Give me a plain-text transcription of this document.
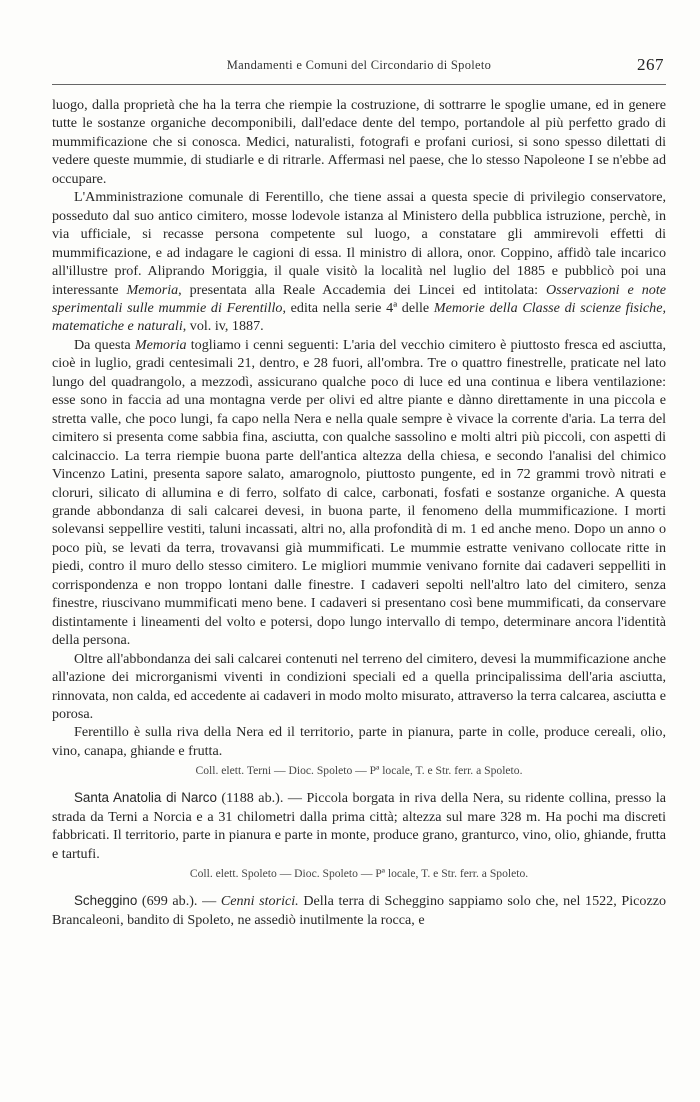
Mandamenti e Comuni del Circondario di Spoleto	267

luogo, dalla proprietà che ha la terra che riempie la costruzione, di sottrarre le spoglie umane, ed in genere tutte le sostanze organiche decomponibili, dall'edace dente del tempo, portandole al più perfetto grado di mummificazione che si conosca. Medici, naturalisti, fotografi e profani curiosi, si sono spesso dilettati di vedere queste mummie, di studiarle e di ritrarle. Affermasi nel paese, che lo stesso Napoleone I se n'ebbe ad occupare.

L'Amministrazione comunale di Ferentillo, che tiene assai a questa specie di privilegio conservatore, posseduto dal suo antico cimitero, mosse lodevole istanza al Ministero della pubblica istruzione, perchè, in via ufficiale, si recasse persona competente sul luogo, a constatare gli ammirevoli effetti di mummificazione, e ad indagare le cagioni di essa. Il ministro di allora, onor. Coppino, affidò tale incarico all'illustre prof. Aliprando Moriggia, il quale visitò la località nel luglio del 1885 e pubblicò poi una interessante Memoria, presentata alla Reale Accademia dei Lincei ed intitolata: Osservazioni e note sperimentali sulle mummie di Ferentillo, edita nella serie 4ª delle Memorie della Classe di scienze fisiche, matematiche e naturali, vol. iv, 1887.

Da questa Memoria togliamo i cenni seguenti: L'aria del vecchio cimitero è piuttosto fresca ed asciutta, cioè in luglio, gradi centesimali 21, dentro, e 28 fuori, all'ombra. Tre o quattro finestrelle, praticate nel lato lungo del quadrangolo, a mezzodì, assicurano qualche poco di luce ed una continua e libera ventilazione: esse sono in faccia ad una montagna verde per olivi ed altre piante e dànno direttamente in una piccola e stretta valle, che poco lungi, fa capo nella Nera e nella quale sempre è vivace la corrente d'aria. La terra del cimitero si presenta come sabbia fina, asciutta, con qualche sassolino e molti altri più piccoli, con aspetti di calcinaccio. La terra riempie buona parte dell'antica altezza della chiesa, e secondo l'analisi del chimico Vincenzo Latini, presenta sapore salato, amarognolo, piuttosto pungente, ed in 72 grammi trovò nitrati e cloruri, silicato di allumina e di ferro, solfato di calce, carbonati, fosfati e sostanze organiche. A questa grande abbondanza di sali calcarei devesi, in buona parte, il fenomeno della mummificazione. I morti solevansi seppellire vestiti, taluni incassati, altri no, alla profondità di m. 1 ed anche meno. Dopo un anno o poco più, se levati da terra, trovavansi già mummificati. Le mummie estratte venivano collocate ritte in piedi, contro il muro dello stesso cimitero. Le migliori mummie venivano fornite dai cadaveri seppelliti in corrispondenza e non troppo lontani dalle finestre. I cadaveri sepolti nell'altro lato del cimitero, senza finestre, riuscivano mummificati meno bene. I cadaveri si presentano così bene mummificati, da conservare distintamente i lineamenti del volto e potersi, dopo lungo intervallo di tempo, determinare ancora l'identità della persona.

Oltre all'abbondanza dei sali calcarei contenuti nel terreno del cimitero, devesi la mummificazione anche all'azione dei microrganismi viventi in condizioni speciali ed a quella principalissima dell'aria asciutta, rinnovata, non calda, ed accedente ai cadaveri in modo molto misurato, attraverso la terra calcarea, asciutta e porosa.

Ferentillo è sulla riva della Nera ed il territorio, parte in pianura, parte in colle, produce cereali, olio, vino, canapa, ghiande e frutta.

Coll. elett. Terni — Dioc. Spoleto — Pª locale, T. e Str. ferr. a Spoleto.

Santa Anatolia di Narco (1188 ab.). — Piccola borgata in riva della Nera, su ridente collina, presso la strada da Terni a Norcia e a 31 chilometri dalla prima città; altezza sul mare 328 m. Ha pochi ma discreti fabbricati. Il territorio, parte in pianura e parte in monte, produce grano, granturco, vino, olio, ghiande, frutta e tartufi.

Coll. elett. Spoleto — Dioc. Spoleto — Pª locale, T. e Str. ferr. a Spoleto.

Scheggino (699 ab.). — Cenni storici. Della terra di Scheggino sappiamo solo che, nel 1522, Picozzo Brancaleoni, bandito di Spoleto, ne assediò inutilmente la rocca, e
